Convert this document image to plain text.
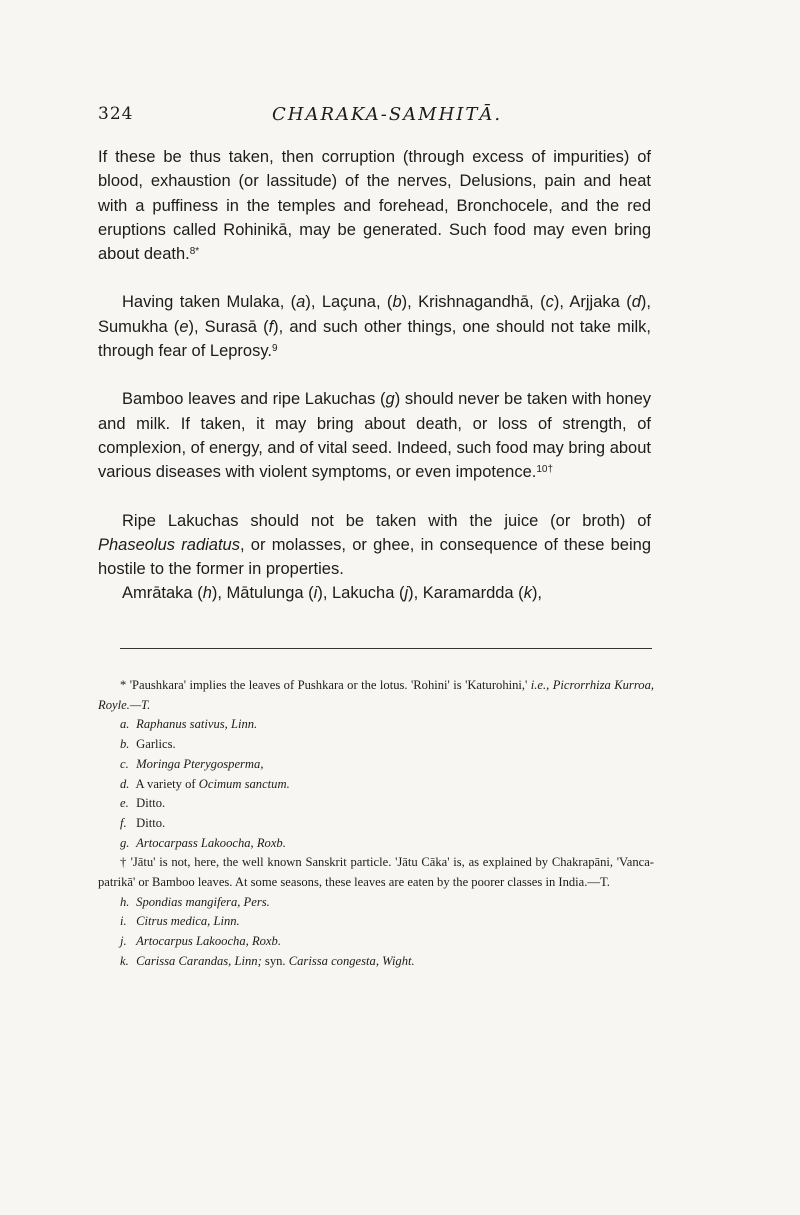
324	CHARAKA-SAMHITĀ.

If these be thus taken, then corruption (through excess of impurities) of blood, exhaustion (or lassitude) of the nerves, Delusions, pain and heat with a puffiness in the temples and forehead, Bronchocele, and the red eruptions called Rohinikā, may be generated. Such food may even bring about death.$^{8*}$

Having taken Mulaka, (a), Laçuna, (b), Krishnagandhā, (c), Arjjaka (d), Sumukha (e), Surasā (f), and such other things, one should not take milk, through fear of Leprosy.$^9$

Bamboo leaves and ripe Lakuchas (g) should never be taken with honey and milk. If taken, it may bring about death, or loss of strength, of complexion, of energy, and of vital seed. Indeed, such food may bring about various diseases with violent symptoms, or even impotence.$^{10\dagger}$

Ripe Lakuchas should not be taken with the juice (or broth) of Phaseolus radiatus, or molasses, or ghee, in consequence of these being hostile to the former in properties.

Amrātaka (h), Mātulunga (i), Lakucha (j), Karamardda (k),

* 'Paushkara' implies the leaves of Pushkara or the lotus. 'Rohini' is 'Katurohini,' i.e., Picrorrhiza Kurroa, Royle.—T.

a. Raphanus sativus, Linn.

b. Garlics.

c. Moringa Pterygosperma,

d. A variety of Ocimum sanctum.

e. Ditto.

f. Ditto.

g. Artocarpass Lakoocha, Roxb.

† 'Jātu' is not, here, the well known Sanskrit particle. 'Jātu Cāka' is, as explained by Chakrapāni, 'Vanca-patrikā' or Bamboo leaves. At some seasons, these leaves are eaten by the poorer classes in India.—T.

h. Spondias mangifera, Pers.

i. Citrus medica, Linn.

j. Artocarpus Lakoocha, Roxb.

k. Carissa Carandas, Linn; syn. Carissa congesta, Wight.
